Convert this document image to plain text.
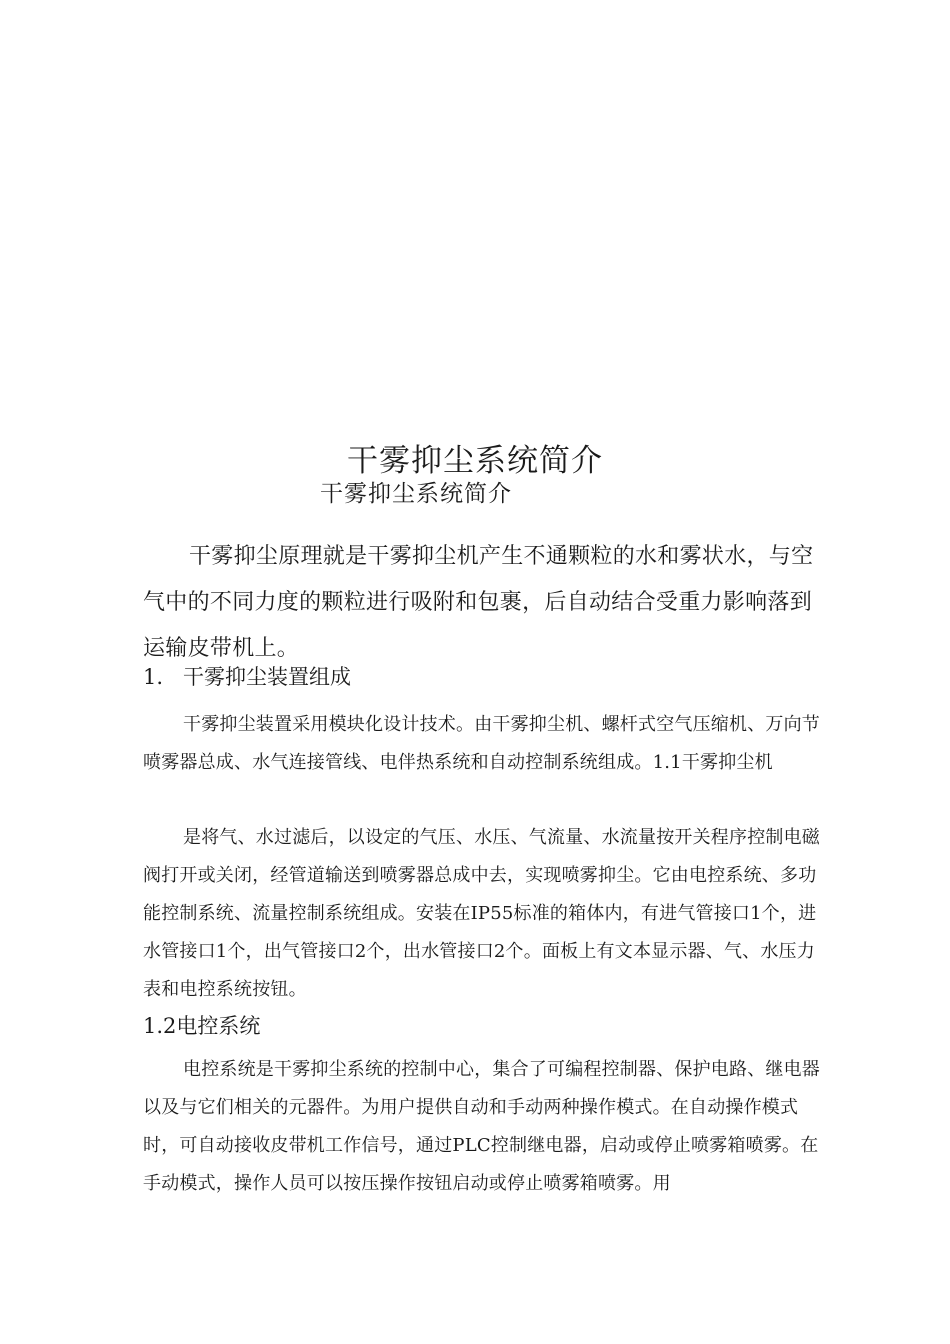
干雾抑尘系统简介
干雾抑尘系统简介

干雾抑尘原理就是干雾抑尘机产生不通颗粒的水和雾状水，与空气中的不同力度的颗粒进行吸附和包裹，后自动结合受重力影响落到运输皮带机上。

1. 干雾抑尘装置组成

干雾抑尘装置采用模块化设计技术。由干雾抑尘机、螺杆式空气压缩机、万向节喷雾器总成、水气连接管线、电伴热系统和自动控制系统组成。1.1干雾抑尘机

是将气、水过滤后，以设定的气压、水压、气流量、水流量按开关程序控制电磁阀打开或关闭，经管道输送到喷雾器总成中去，实现喷雾抑尘。它由电控系统、多功能控制系统、流量控制系统组成。安装在IP55标准的箱体内，有进气管接口1个，进水管接口1个，出气管接口2个，出水管接口2个。面板上有文本显示器、气、水压力表和电控系统按钮。

1.2电控系统

电控系统是干雾抑尘系统的控制中心，集合了可编程控制器、保护电路、继电器以及与它们相关的元器件。为用户提供自动和手动两种操作模式。在自动操作模式时，可自动接收皮带机工作信号，通过PLC控制继电器，启动或停止喷雾箱喷雾。在手动模式，操作人员可以按压操作按钮启动或停止喷雾箱喷雾。用
